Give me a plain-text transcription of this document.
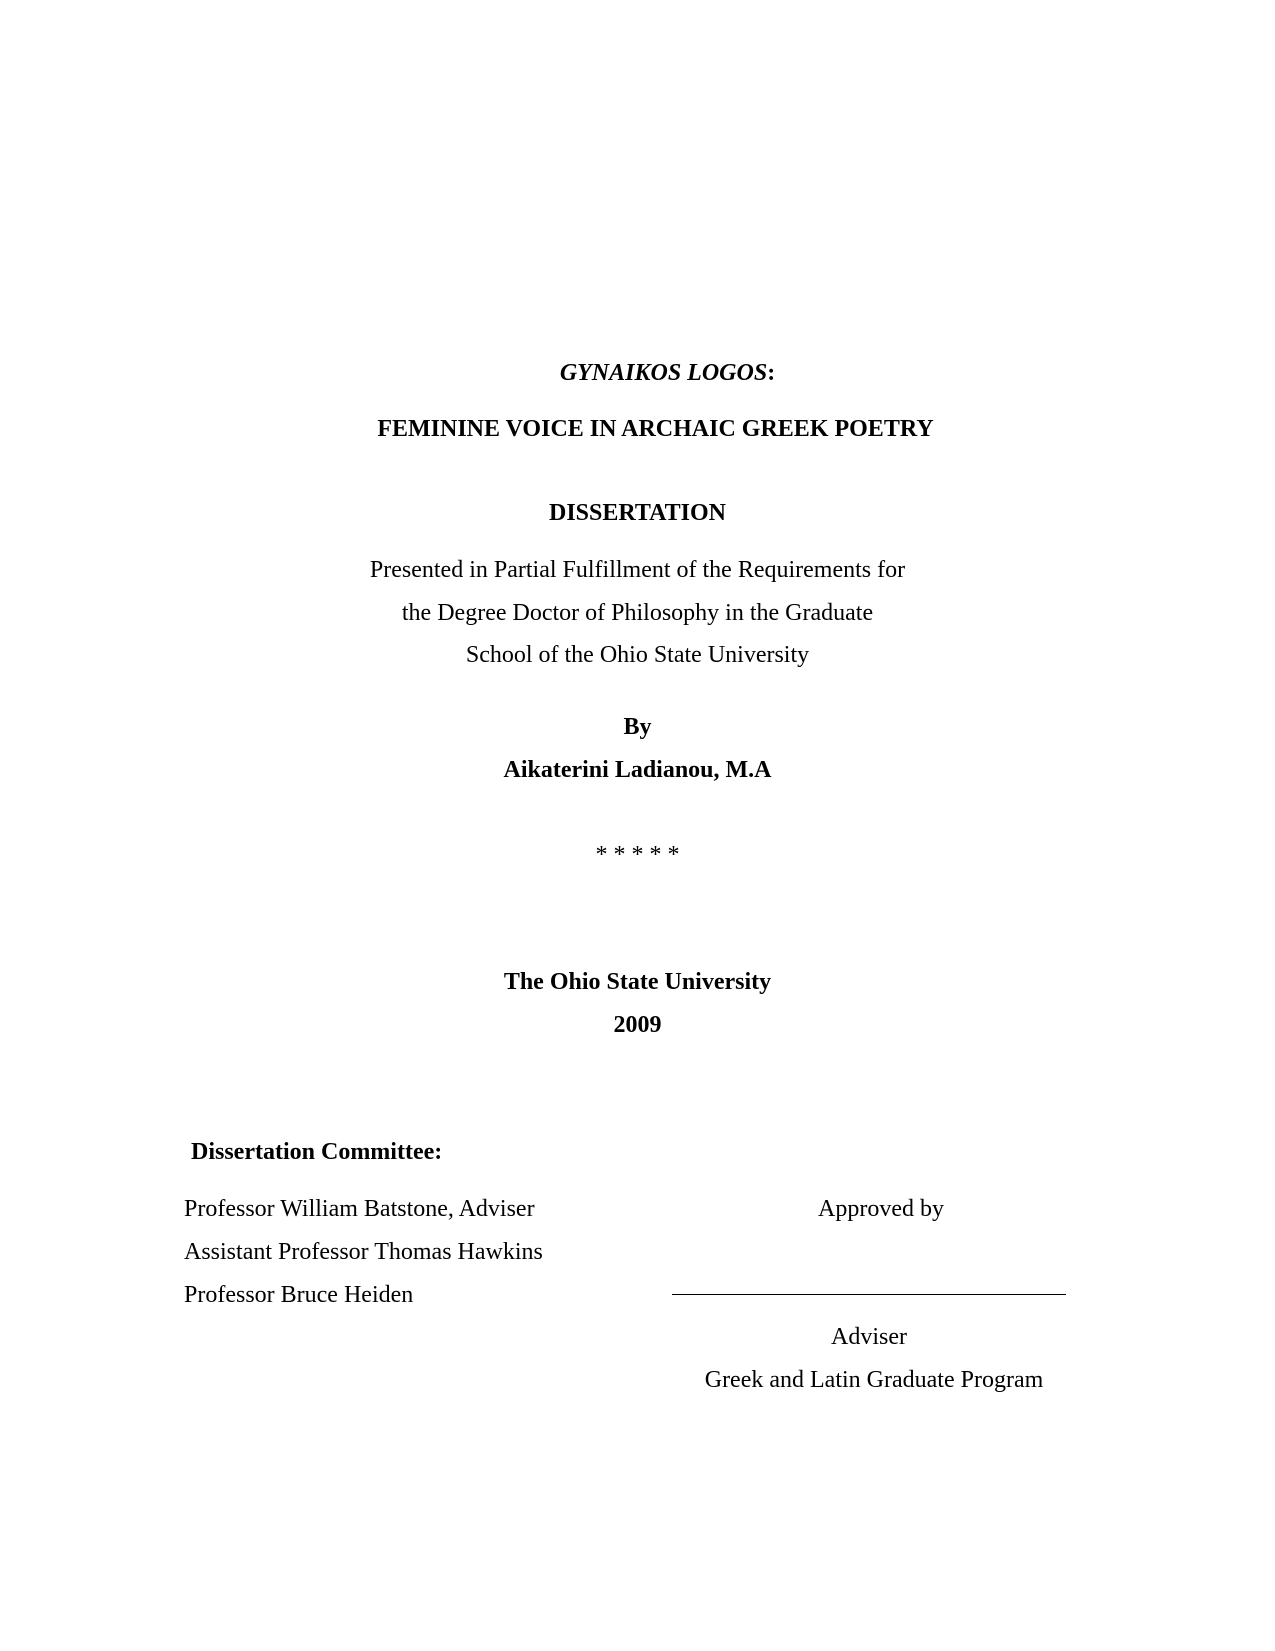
GYNAIKOS LOGOS:
FEMININE VOICE IN ARCHAIC GREEK POETRY
DISSERTATION
Presented in Partial Fulfillment of the Requirements for
the Degree Doctor of Philosophy in the Graduate
School of the Ohio State University
By
Aikaterini Ladianou, M.A
* * * * *
The Ohio State University
2009
Dissertation Committee:
Professor William Batstone, Adviser
Assistant Professor Thomas Hawkins
Professor Bruce Heiden
Approved by
Adviser
Greek and Latin Graduate Program
